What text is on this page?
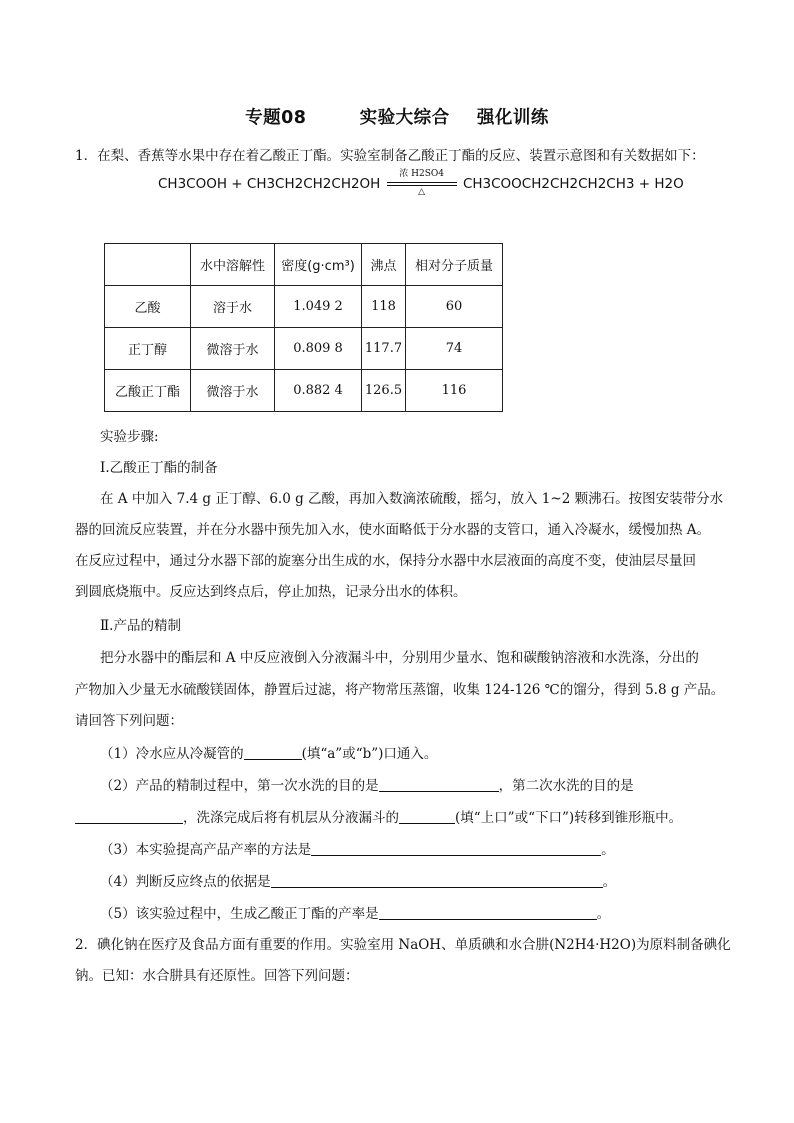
专题08	实验大综合 强化训练
1．在梨、香蕉等水果中存在着乙酸正丁酯。实验室制备乙酸正丁酯的反应、装置示意图和有关数据如下：
CH3COOH + CH3CH2CH2CH2OH
浓 H2SO4
△	CH3COOCH2CH2CH2CH3 + H2O
	水中溶解性	密度(g·cm³)	沸点	相对分子质量
乙酸	溶于水	1.049 2	118	60
正丁醇	微溶于水	0.809 8	117.7	74
乙酸正丁酯	微溶于水	0.882 4	126.5	116
实验步骤:
Ⅰ.乙酸正丁酯的制备
在 A 中加入 7.4 g 正丁醇、6.0 g 乙酸，再加入数滴浓硫酸，摇匀，放入 1~2 颗沸石。按图安装带分水
器的回流反应装置，并在分水器中预先加入水，使水面略低于分水器的支管口，通入冷凝水，缓慢加热 A。
在反应过程中，通过分水器下部的旋塞分出生成的水，保持分水器中水层液面的高度不变，使油层尽量回
到圆底烧瓶中。反应达到终点后，停止加热，记录分出水的体积。
Ⅱ.产品的精制
把分水器中的酯层和 A 中反应液倒入分液漏斗中，分别用少量水、饱和碳酸钠溶液和水洗涤，分出的
产物加入少量无水硫酸镁固体，静置后过滤，将产物常压蒸馏，收集 124-126 ℃的馏分，得到 5.8 g 产品。
请回答下列问题：
（1）冷水应从冷凝管的	(填“a”或“b”)口通入。
（2）产品的精制过程中，第一次水洗的目的是	，第二次水洗的目的是
，洗涤完成后将有机层从分液漏斗的	(填“上口”或“下口”)转移到锥形瓶中。
（3）本实验提高产品产率的方法是	。
（4）判断反应终点的依据是	。
（5）该实验过程中，生成乙酸正丁酯的产率是	。
2．碘化钠在医疗及食品方面有重要的作用。实验室用 NaOH、单质碘和水合肼(N2H4·H2O)为原料制备碘化
钠。已知：水合肼具有还原性。回答下列问题：
